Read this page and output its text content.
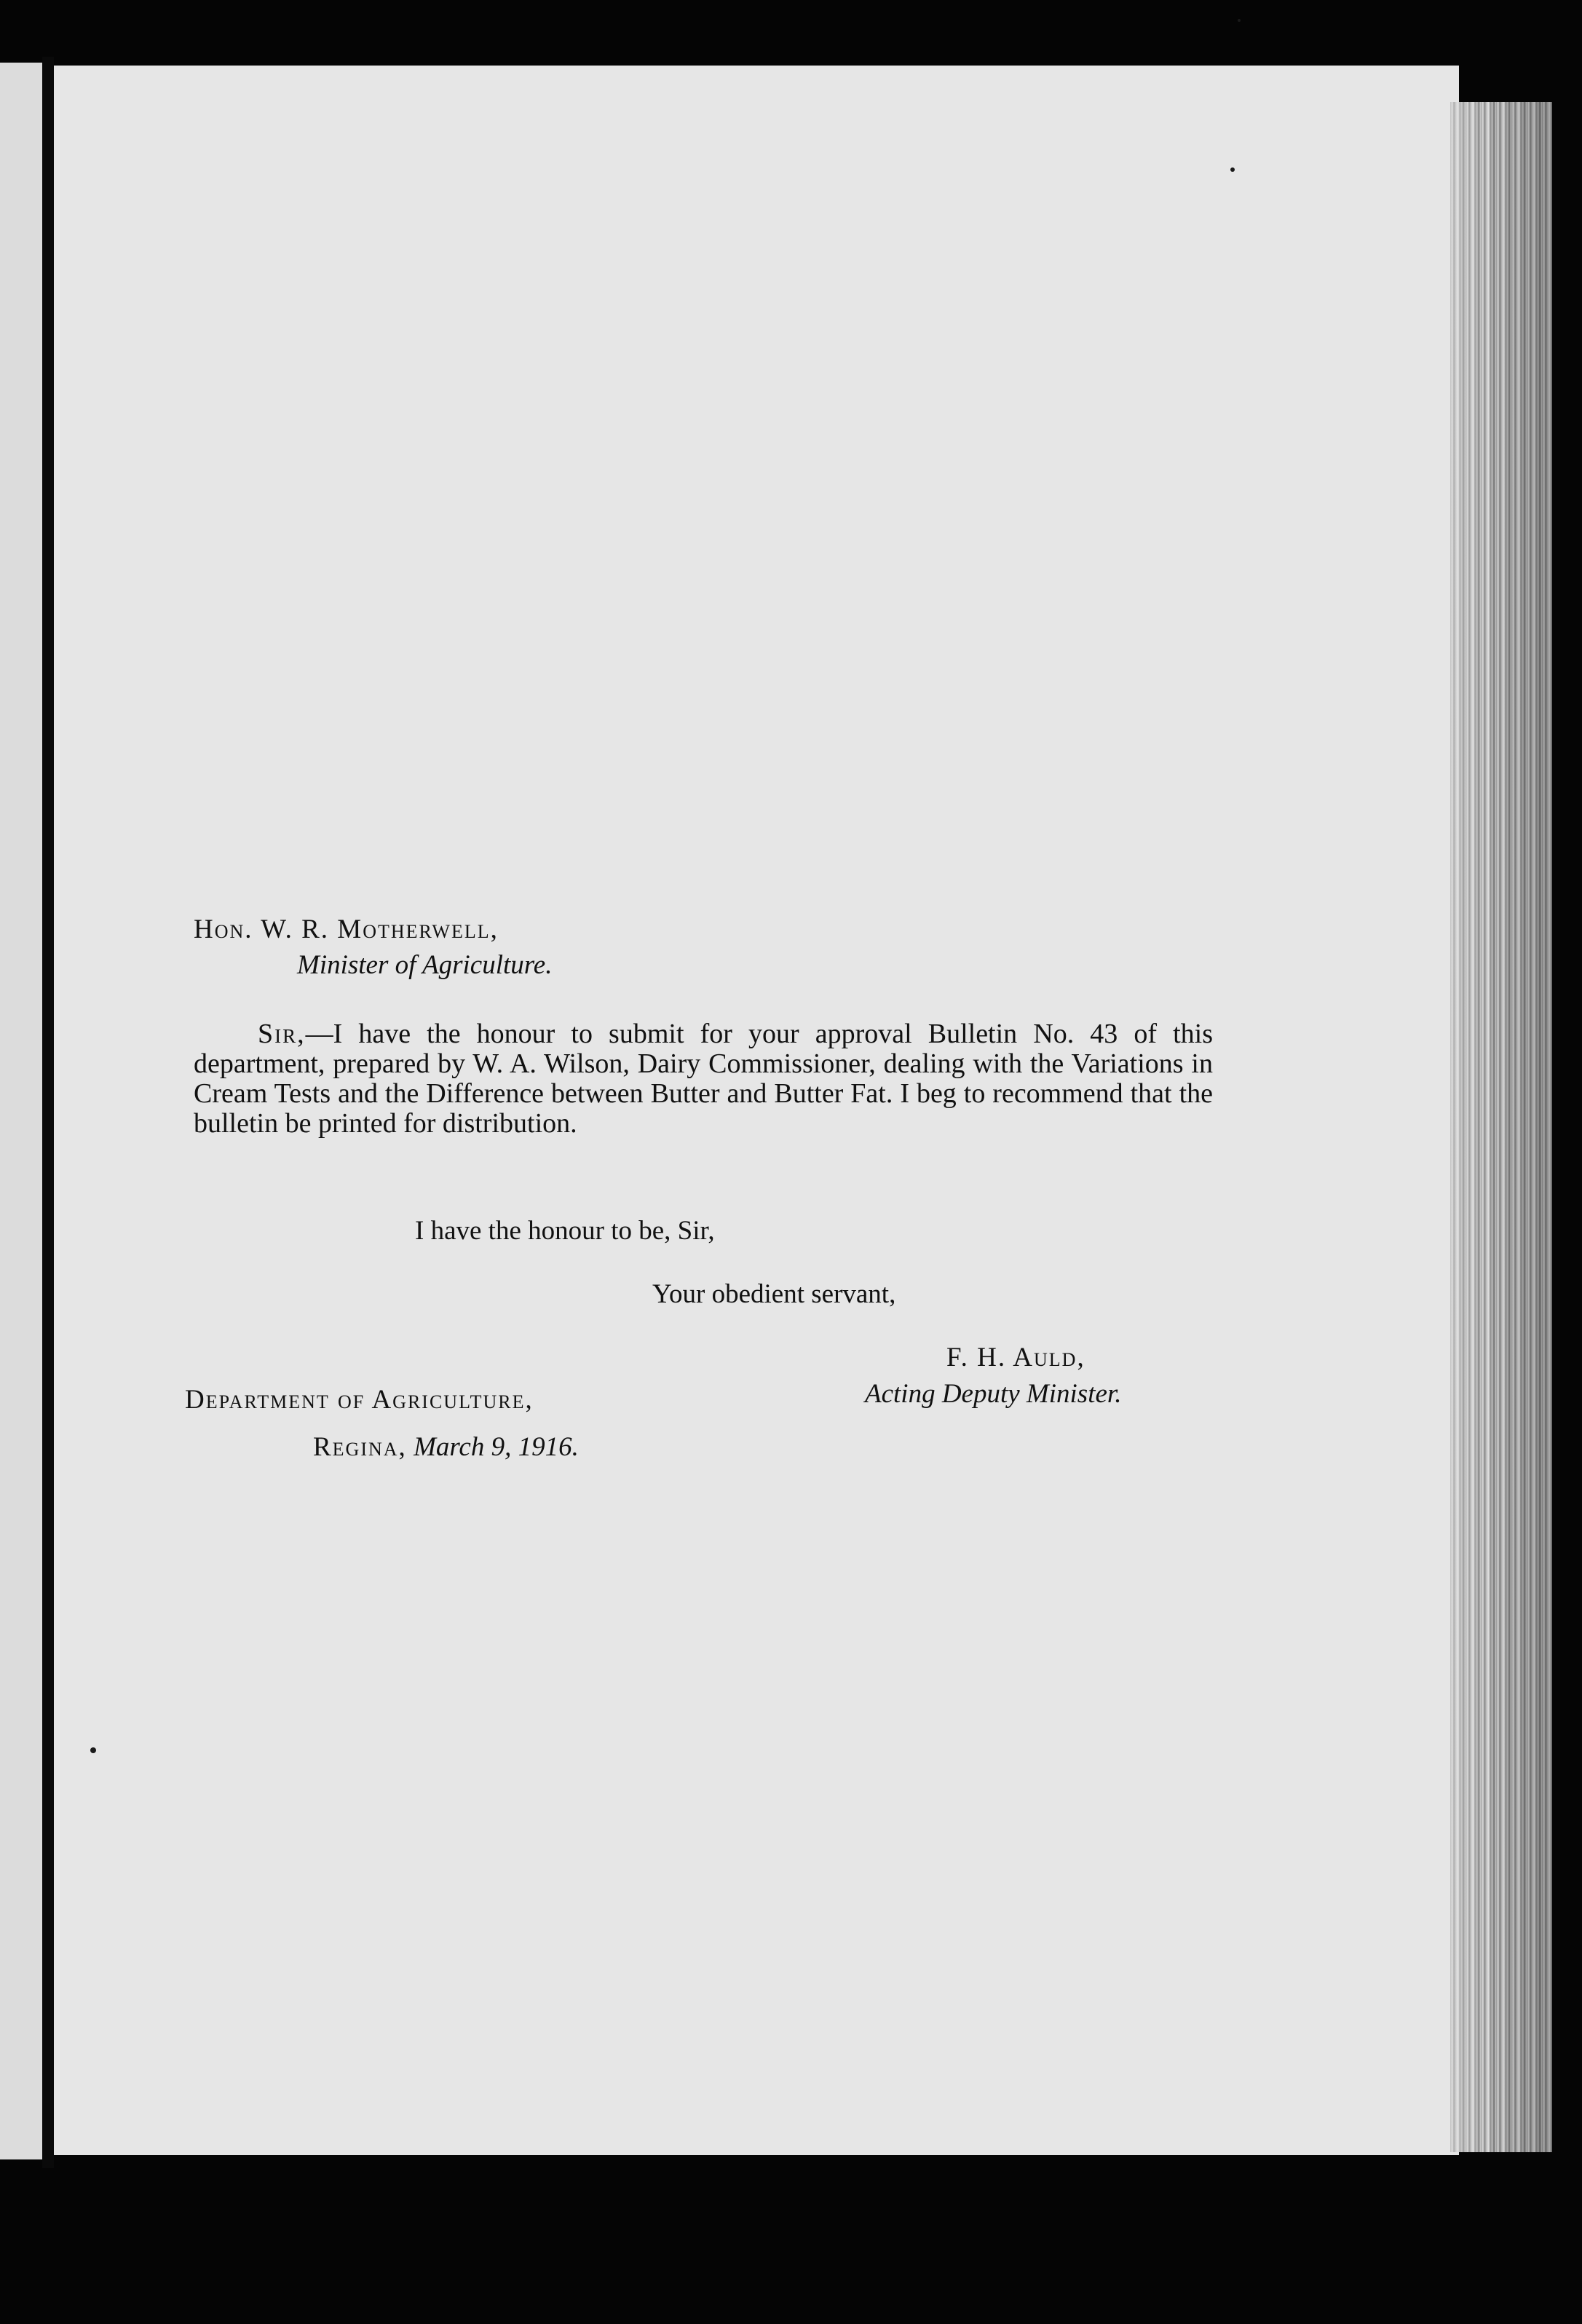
Hon. W. R. Motherwell,
Minister of Agriculture.
Sir,—I have the honour to submit for your approval Bulletin No. 43 of this department, prepared by W. A. Wilson, Dairy Commissioner, dealing with the Variations in Cream Tests and the Difference between Butter and Butter Fat. I beg to recommend that the bulletin be printed for distribution.
I have the honour to be, Sir,
Your obedient servant,
F. H. Auld,
Acting Deputy Minister.
Department of Agriculture,
Regina, March 9, 1916.
